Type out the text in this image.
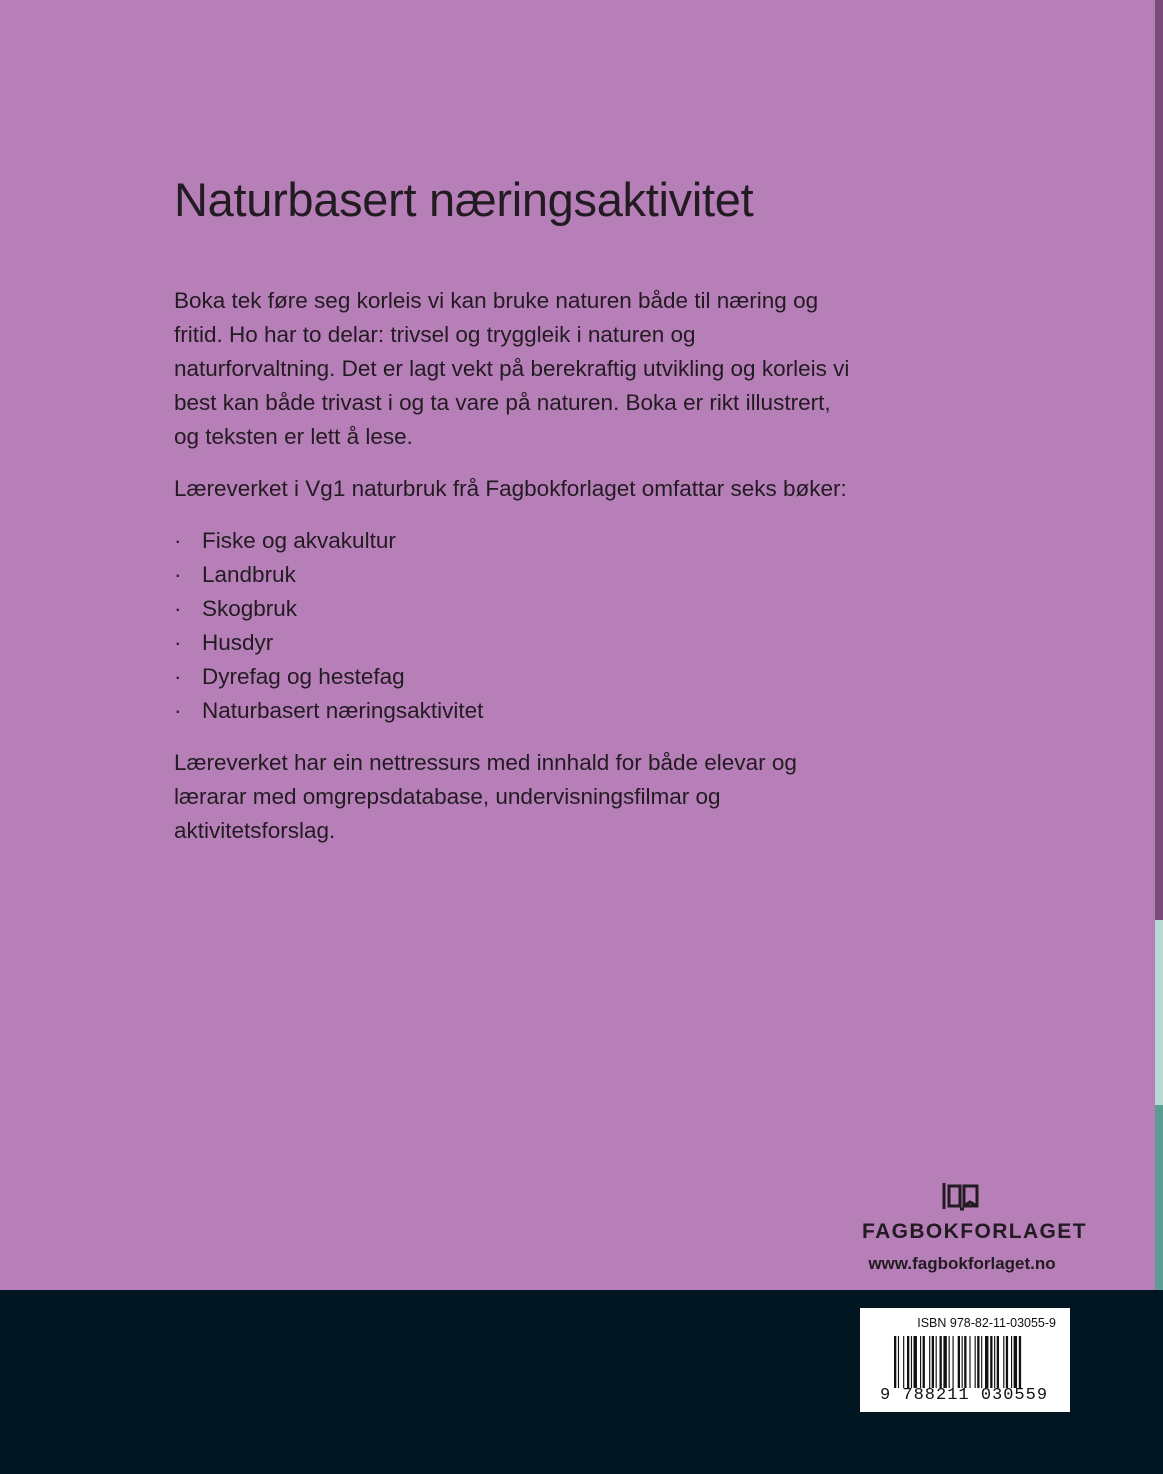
Naturbasert næringsaktivitet

Boka tek føre seg korleis vi kan bruke naturen både til næring og fritid. Ho har to delar: trivsel og tryggleik i naturen og naturforvaltning. Det er lagt vekt på berekraftig utvikling og korleis vi best kan både trivast i og ta vare på naturen. Boka er rikt illustrert, og teksten er lett å lese.

Læreverket i Vg1 naturbruk frå Fagbokforlaget omfattar seks bøker:

· Fiske og akvakultur
· Landbruk
· Skogbruk
· Husdyr
· Dyrefag og hestefag
· Naturbasert næringsaktivitet

Læreverket har ein nettressurs med innhald for både elevar og lærarar med omgrepsdatabase, undervisningsfilmar og aktivitetsforslag.

FAGBOKFORLAGET
www.fagbokforlaget.no
ISBN 978-82-11-03055-9
9 788211 030559
